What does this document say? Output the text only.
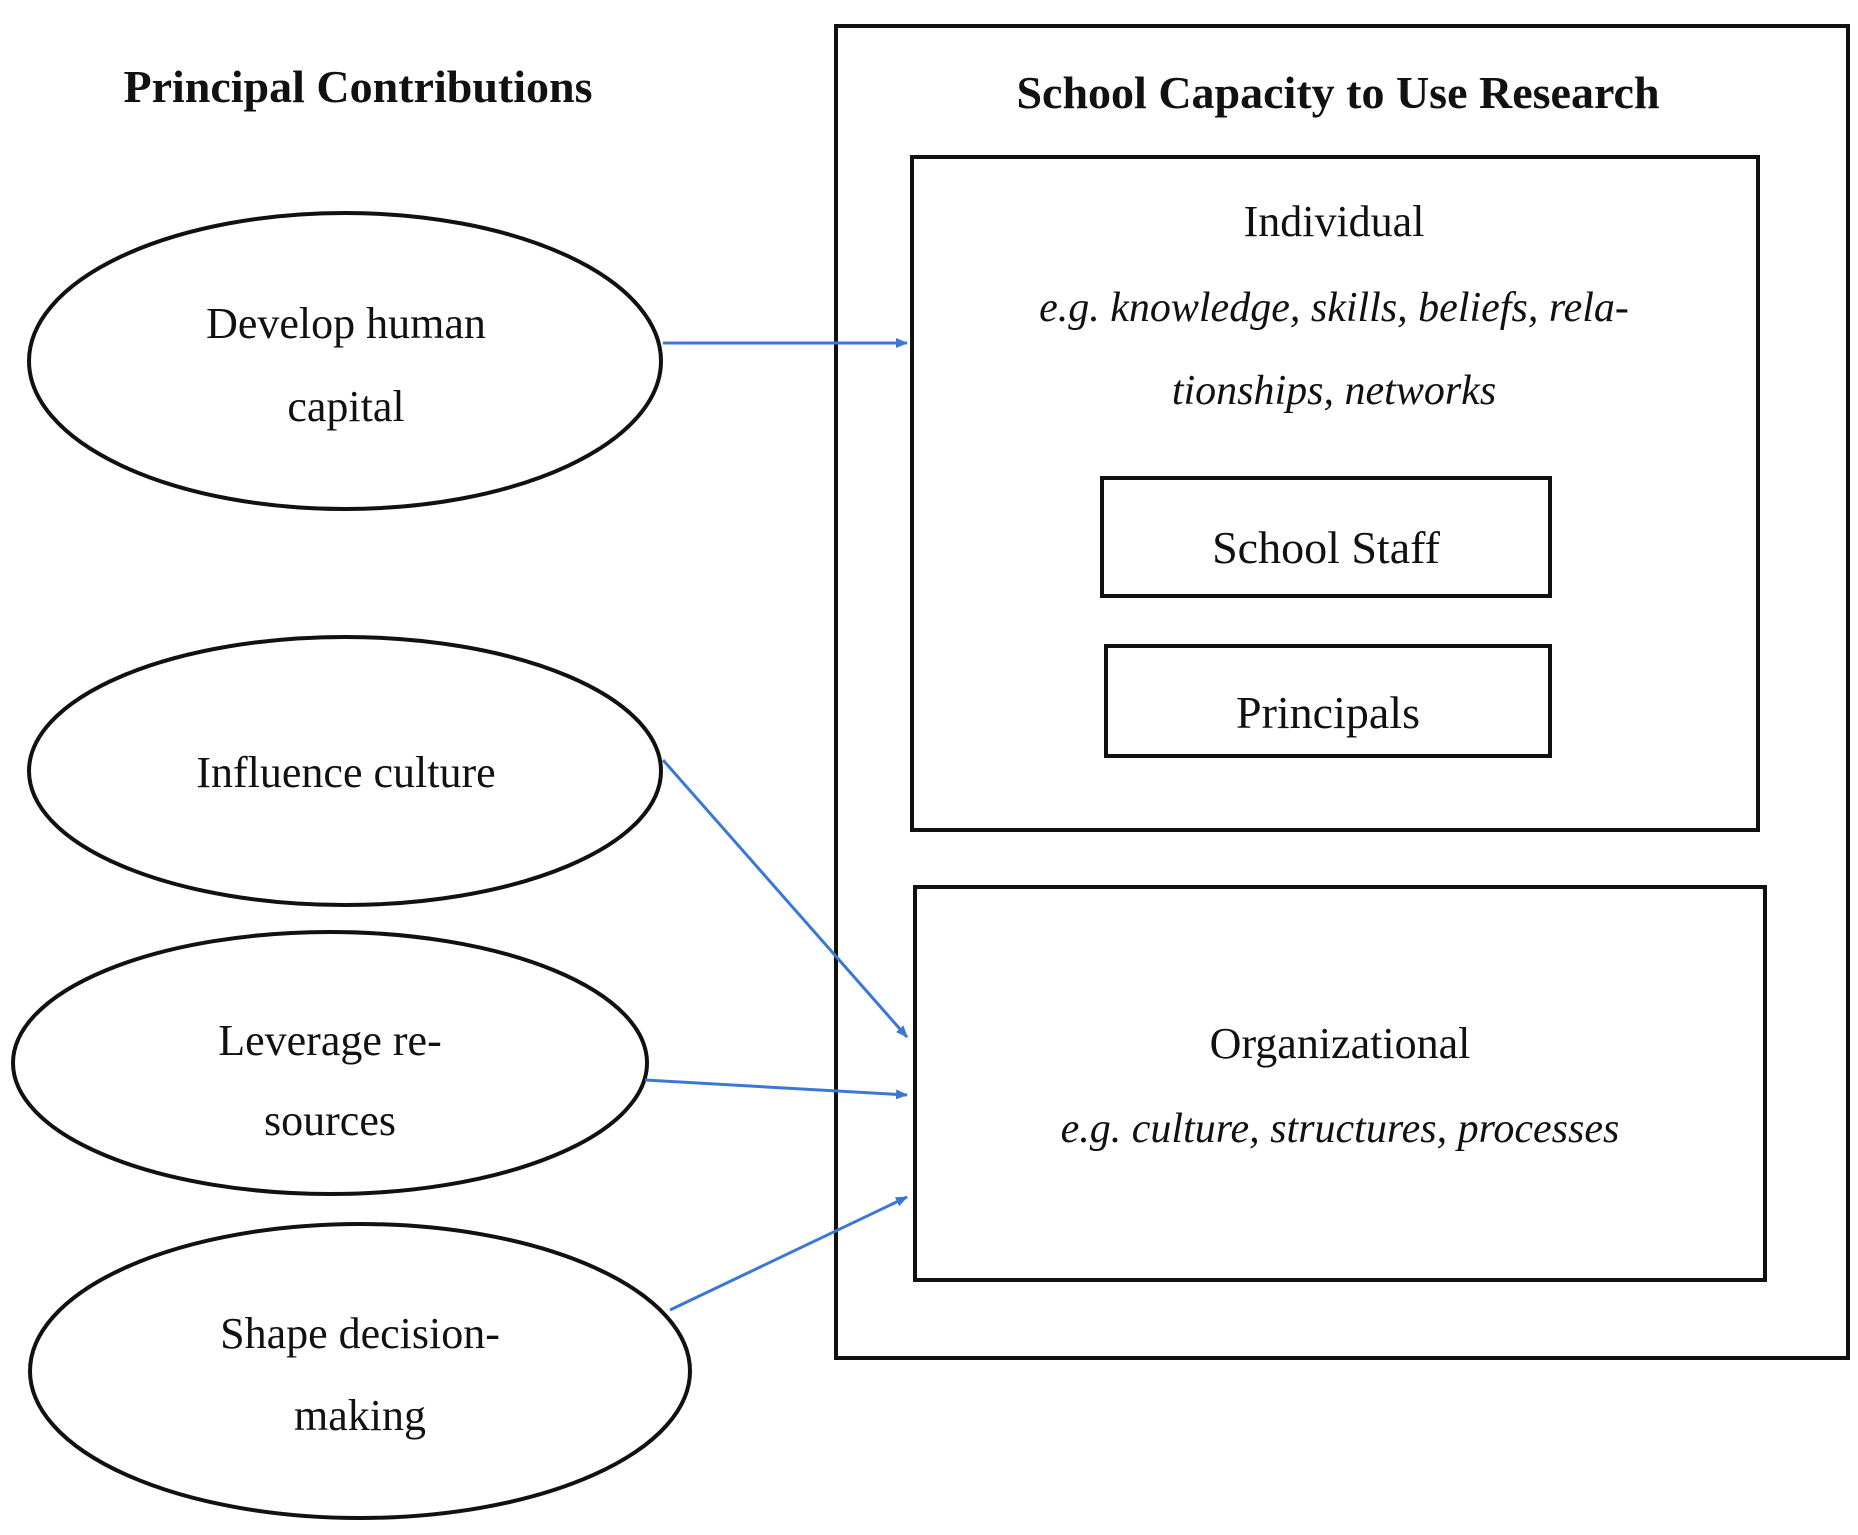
Principal Contributions	School Capacity to Use Research
Individual
e.g. knowledge, skills, beliefs, rela-
tionships, networks
School Staff
Principals
Organizational
e.g. culture, structures, processes
Develop human
capital
Influence culture
Leverage re-
sources
Shape decision-
making
